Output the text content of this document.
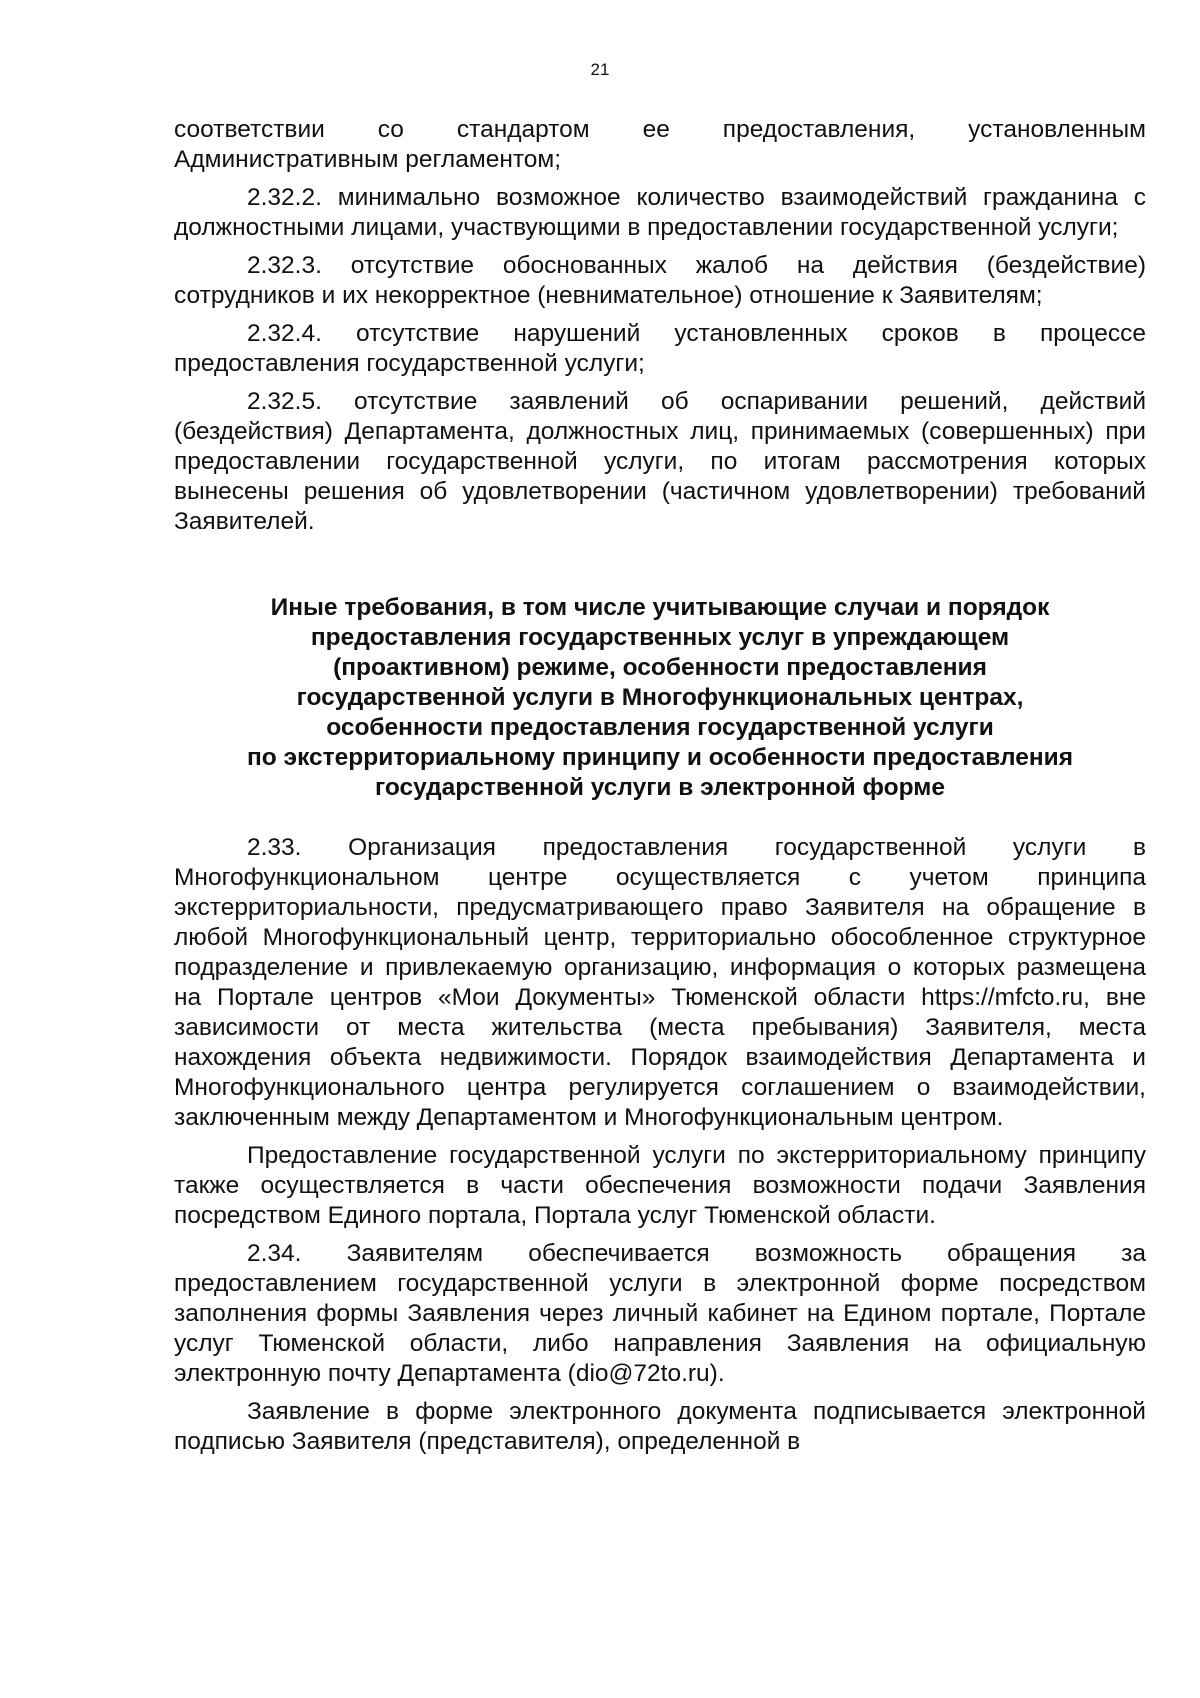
21

соответствии со стандартом ее предоставления, установленным Административным регламентом;

2.32.2. минимально возможное количество взаимодействий гражданина с должностными лицами, участвующими в предоставлении государственной услуги;

2.32.3. отсутствие обоснованных жалоб на действия (бездействие) сотрудников и их некорректное (невнимательное) отношение к Заявителям;

2.32.4. отсутствие нарушений установленных сроков в процессе предоставления государственной услуги;

2.32.5. отсутствие заявлений об оспаривании решений, действий (бездействия) Департамента, должностных лиц, принимаемых (совершенных) при предоставлении государственной услуги, по итогам рассмотрения которых вынесены решения об удовлетворении (частичном удовлетворении) требований Заявителей.

Иные требования, в том числе учитывающие случаи и порядок
предоставления государственных услуг в упреждающем
(проактивном) режиме, особенности предоставления
государственной услуги в Многофункциональных центрах,
особенности предоставления государственной услуги
по экстерриториальному принципу и особенности предоставления
государственной услуги в электронной форме

2.33. Организация предоставления государственной услуги в Многофункциональном центре осуществляется с учетом принципа экстерриториальности, предусматривающего право Заявителя на обращение в любой Многофункциональный центр, территориально обособленное структурное подразделение и привлекаемую организацию, информация о которых размещена на Портале центров «Мои Документы» Тюменской области https://mfcto.ru, вне зависимости от места жительства (места пребывания) Заявителя, места нахождения объекта недвижимости. Порядок взаимодействия Департамента и Многофункционального центра регулируется соглашением о взаимодействии, заключенным между Департаментом и Многофункциональным центром.

Предоставление государственной услуги по экстерриториальному принципу также осуществляется в части обеспечения возможности подачи Заявления посредством Единого портала, Портала услуг Тюменской области.

2.34. Заявителям обеспечивается возможность обращения за предоставлением государственной услуги в электронной форме посредством заполнения формы Заявления через личный кабинет на Едином портале, Портале услуг Тюменской области, либо направления Заявления на официальную электронную почту Департамента (dio@72to.ru).

Заявление в форме электронного документа подписывается электронной подписью Заявителя (представителя), определенной в
